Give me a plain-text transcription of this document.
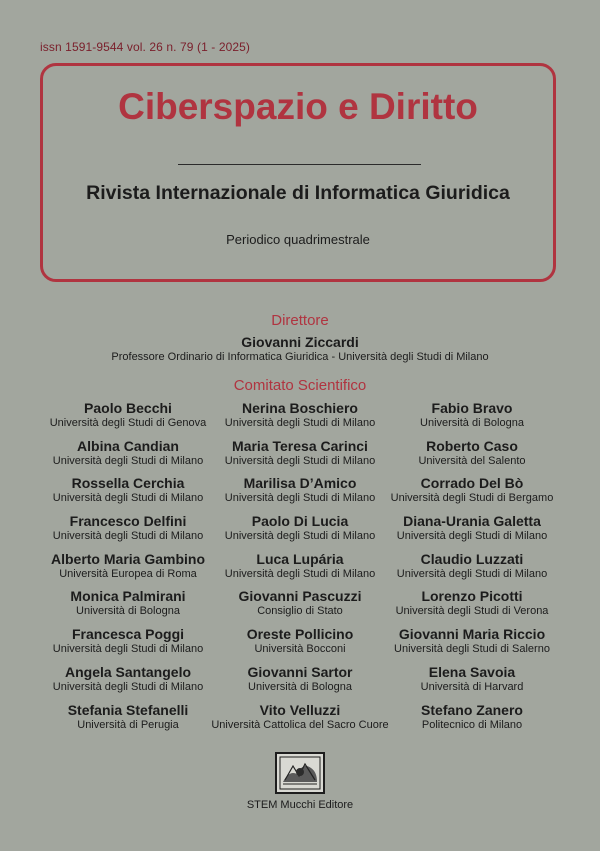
issn 1591-9544 vol. 26 n. 79 (1 - 2025)
Ciberspazio e Diritto
Rivista Internazionale di Informatica Giuridica
Periodico quadrimestrale
Direttore
Giovanni Ziccardi
Professore Ordinario di Informatica Giuridica - Università degli Studi di Milano
Comitato Scientifico
Paolo Becchi
Università degli Studi di Genova
Nerina Boschiero
Università degli Studi di Milano
Fabio Bravo
Università di Bologna
Albina Candian
Università degli Studi di Milano
Maria Teresa Carinci
Università degli Studi di Milano
Roberto Caso
Università del Salento
Rossella Cerchia
Università degli Studi di Milano
Marilisa D’Amico
Università degli Studi di Milano
Corrado Del Bò
Università degli Studi di Bergamo
Francesco Delfini
Università degli Studi di Milano
Paolo Di Lucia
Università degli Studi di Milano
Diana-Urania Galetta
Università degli Studi di Milano
Alberto Maria Gambino
Università Europea di Roma
Luca Lupária
Università degli Studi di Milano
Claudio Luzzati
Università degli Studi di Milano
Monica Palmirani
Università di Bologna
Giovanni Pascuzzi
Consiglio di Stato
Lorenzo Picotti
Università degli Studi di Verona
Francesca Poggi
Università degli Studi di Milano
Oreste Pollicino
Università Bocconi
Giovanni Maria Riccio
Università degli Studi di Salerno
Angela Santangelo
Università degli Studi di Milano
Giovanni Sartor
Università di Bologna
Elena Savoia
Università di Harvard
Stefania Stefanelli
Università di Perugia
Vito Velluzzi
Università Cattolica del Sacro Cuore
Stefano Zanero
Politecnico di Milano
STEM Mucchi Editore
